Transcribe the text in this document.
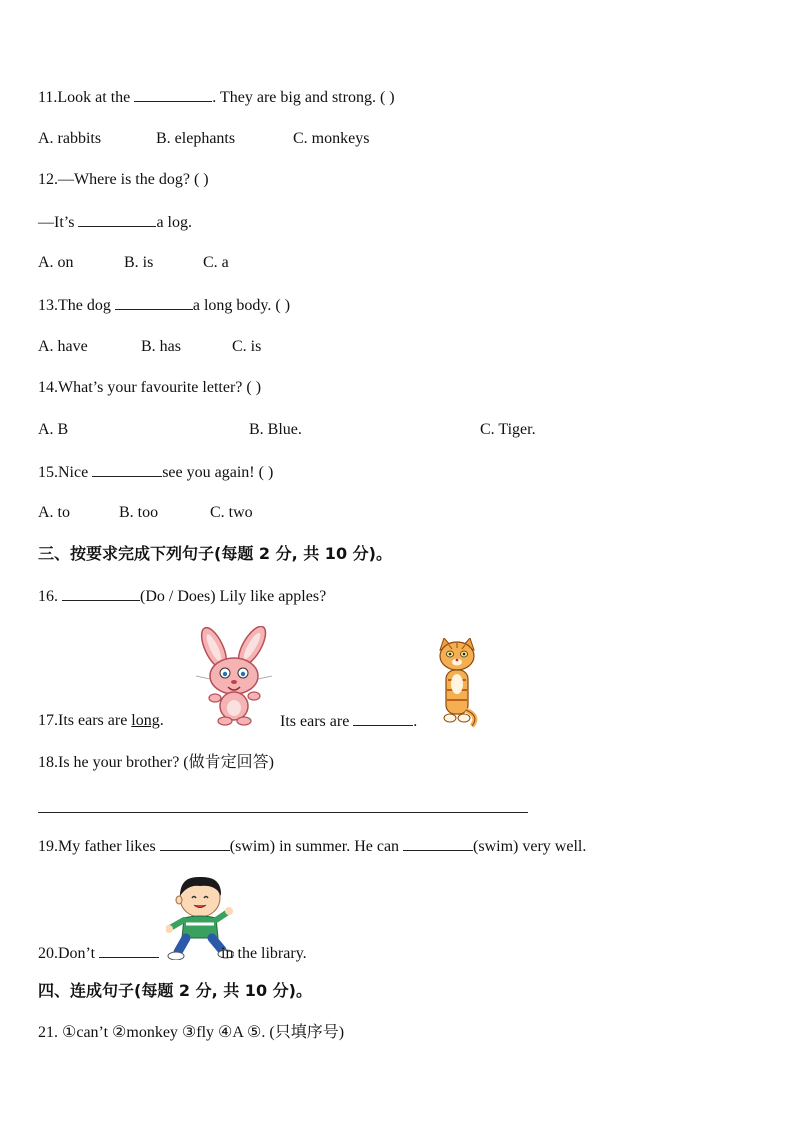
11.Look at the	. They are big and strong. ( )
A. rabbits	B. elephants	C. monkeys
12.—Where is the dog? ( )
—It’s	a log.
A. on	B. is	C. a
13.The dog	a long body. ( )
A. have	B. has	C. is
14.What’s your favourite letter? ( )
A. B	B. Blue.	C. Tiger.
15.Nice	see you again! ( )
A. to	B. too	C. two
三、按要求完成下列句子(每题 2 分, 共 10 分)。
16.	(Do / Does) Lily like apples?
17.Its ears are long.	Its ears are	.
18.Is he your brother? (做肯定回答)
19.My father likes	(swim) in summer. He can	(swim) very well.
20.Don’t	in the library.
四、连成句子(每题 2 分, 共 10 分)。
21. ①can’t ②monkey ③fly ④A ⑤. (只填序号)
